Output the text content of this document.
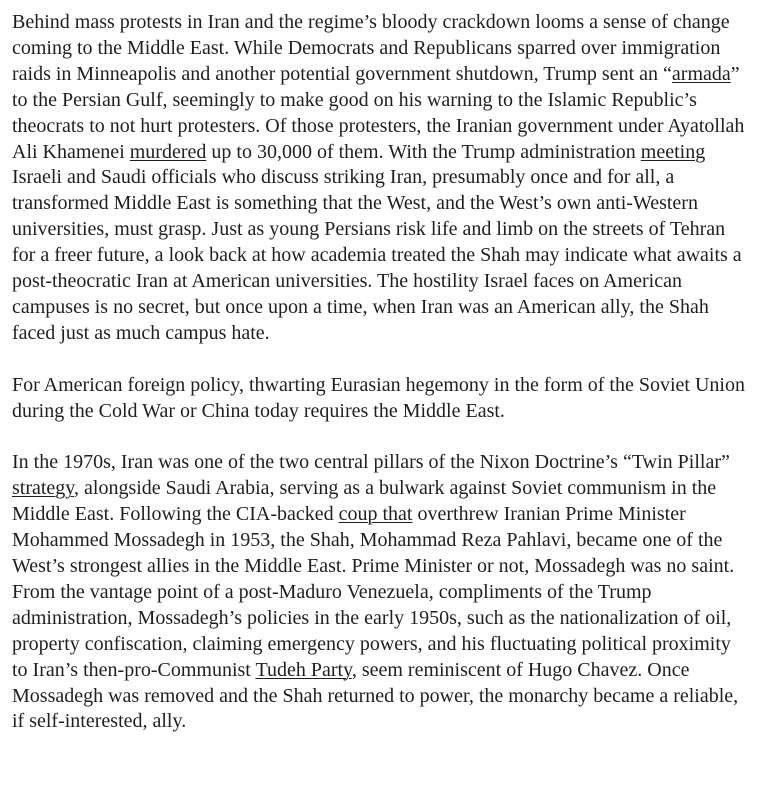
Behind mass protests in Iran and the regime’s bloody crackdown looms a sense of change coming to the Middle East. While Democrats and Republicans sparred over immigration raids in Minneapolis and another potential government shutdown, Trump sent an “armada” to the Persian Gulf, seemingly to make good on his warning to the Islamic Republic’s theocrats to not hurt protesters. Of those protesters, the Iranian government under Ayatollah Ali Khamenei murdered up to 30,000 of them. With the Trump administration meeting Israeli and Saudi officials who discuss striking Iran, presumably once and for all, a transformed Middle East is something that the West, and the West’s own anti-Western universities, must grasp. Just as young Persians risk life and limb on the streets of Tehran for a freer future, a look back at how academia treated the Shah may indicate what awaits a post-theocratic Iran at American universities. The hostility Israel faces on American campuses is no secret, but once upon a time, when Iran was an American ally, the Shah faced just as much campus hate.

For American foreign policy, thwarting Eurasian hegemony in the form of the Soviet Union during the Cold War or China today requires the Middle East.

In the 1970s, Iran was one of the two central pillars of the Nixon Doctrine’s “Twin Pillar” strategy, alongside Saudi Arabia, serving as a bulwark against Soviet communism in the Middle East. Following the CIA-backed coup that overthrew Iranian Prime Minister Mohammed Mossadegh in 1953, the Shah, Mohammad Reza Pahlavi, became one of the West’s strongest allies in the Middle East. Prime Minister or not, Mossadegh was no saint. From the vantage point of a post-Maduro Venezuela, compliments of the Trump administration, Mossadegh’s policies in the early 1950s, such as the nationalization of oil, property confiscation, claiming emergency powers, and his fluctuating political proximity to Iran’s then-pro-Communist Tudeh Party, seem reminiscent of Hugo Chavez. Once Mossadegh was removed and the Shah returned to power, the monarchy became a reliable, if self-interested, ally.
